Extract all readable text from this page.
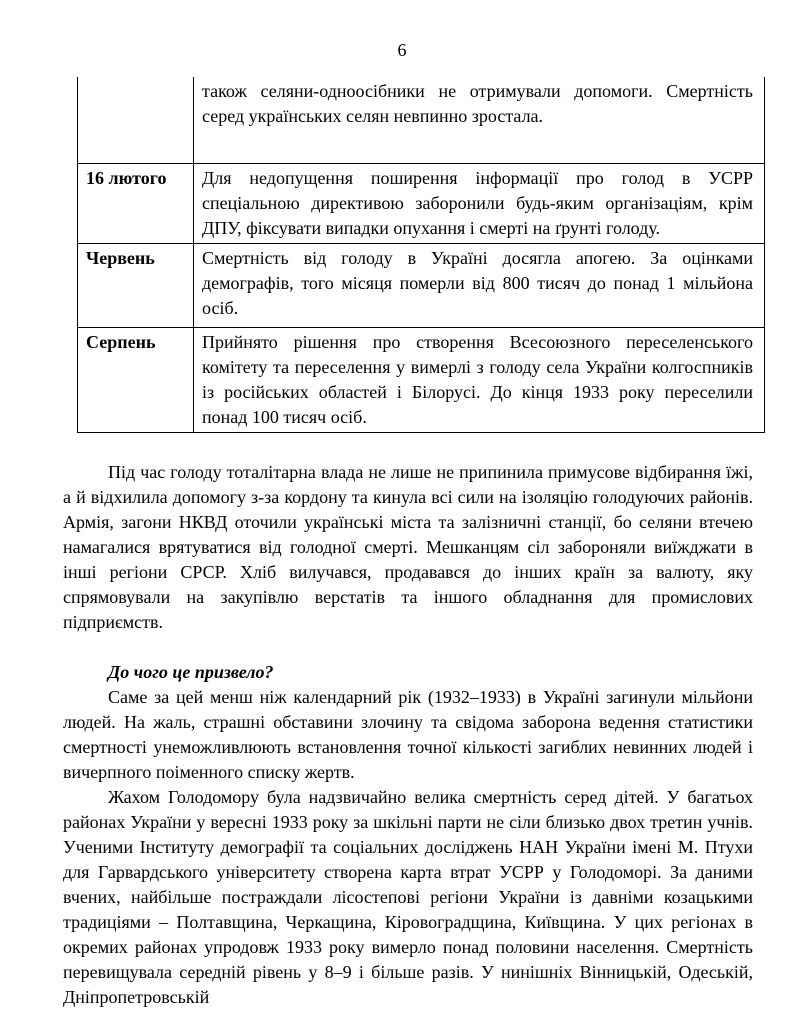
6
	також селяни-одноосібники не отримували допомоги. Смертність серед українських селян невпинно зростала.
16 лютого	Для недопущення поширення інформації про голод в УСРР спеціальною директивою заборонили будь-яким організаціям, крім ДПУ, фіксувати випадки опухання і смерті на ґрунті голоду.
Червень	Смертність від голоду в Україні досягла апогею. За оцінками демографів, того місяця померли від 800 тисяч до понад 1 мільйона осіб.
Серпень	Прийнято рішення про створення Всесоюзного переселенського комітету та переселення у вимерлі з голоду села України колгоспників із російських областей і Білорусі. До кінця 1933 року переселили понад 100 тисяч осіб.

Під час голоду тоталітарна влада не лише не припинила примусове відбирання їжі, а й відхилила допомогу з-за кордону та кинула всі сили на ізоляцію голодуючих районів. Армія, загони НКВД оточили українські міста та залізничні станції, бо селяни втечею намагалися врятуватися від голодної смерті. Мешканцям сіл забороняли виїжджати в інші регіони СРСР. Хліб вилучався, продавався до інших країн за валюту, яку спрямовували на закупівлю верстатів та іншого обладнання для промислових підприємств.

До чого це призвело?

Саме за цей менш ніж календарний рік (1932–1933) в Україні загинули мільйони людей. На жаль, страшні обставини злочину та свідома заборона ведення статистики смертності унеможливлюють встановлення точної кількості загиблих невинних людей і вичерпного поіменного списку жертв.

Жахом Голодомору була надзвичайно велика смертність серед дітей. У багатьох районах України у вересні 1933 року за шкільні парти не сіли близько двох третин учнів. Ученими Інституту демографії та соціальних досліджень НАН України імені М. Птухи для Гарвардського університету створена карта втрат УСРР у Голодоморі. За даними вчених, найбільше постраждали лісостепові регіони України із давніми козацькими традиціями – Полтавщина, Черкащина, Кіровоградщина, Київщина. У цих регіонах в окремих районах упродовж 1933 року вимерло понад половини населення. Смертність перевищувала середній рівень у 8–9 і більше разів. У нинішніх Вінницькій, Одеській, Дніпропетровській
